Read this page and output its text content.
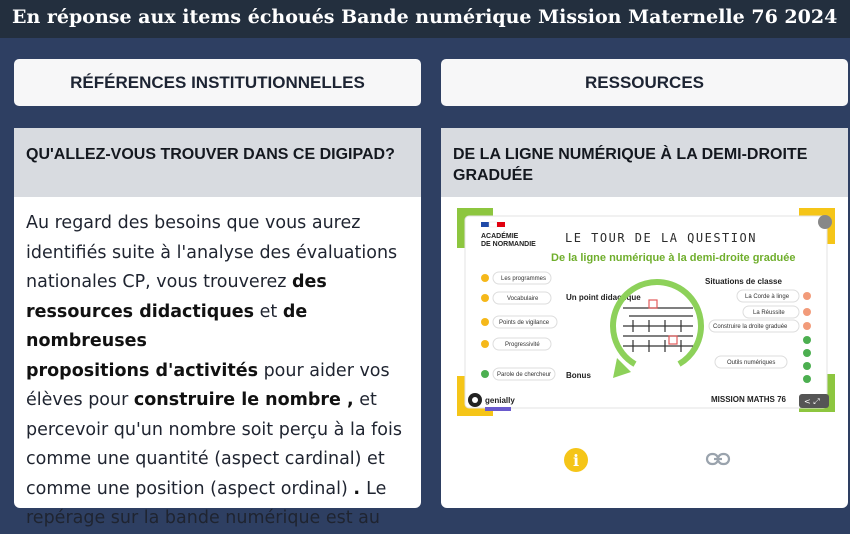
En réponse aux items échoués Bande numérique Mission Maternelle 76 2024
RÉFÉRENCES INSTITUTIONNELLES	RESSOURCES
QU'ALLEZ-VOUS TROUVER DANS CE DIGIPAD?
Au regard des besoins que vous aurez
identifiés suite à l'analyse des évaluations
nationales CP, vous trouverez des
ressources didactiques et de nombreuses
propositions d'activités pour aider vos
élèves pour construire le nombre , et
percevoir qu'un nombre soit perçu à la fois
comme une quantité (aspect cardinal) et
comme une position (aspect ordinal) . Le
repérage sur la bande numérique est au
DE LA LIGNE NUMÉRIQUE À LA DEMI-DROITE GRADUÉE
ACADÉMIE
DE NORMANDIE LE TOUR DE LA QUESTION
De la ligne numérique à la demi-droite graduée
Les programmes
Vocabulaire
Points de vigilance
Progressivité
Parole de chercheur
Un point didactique
Bonus
Situations de classe
La Corde à linge
La Réussite
Construire la droite graduée
Outils numériques
MISSION MATHS 76
genially	< ⤢
i
